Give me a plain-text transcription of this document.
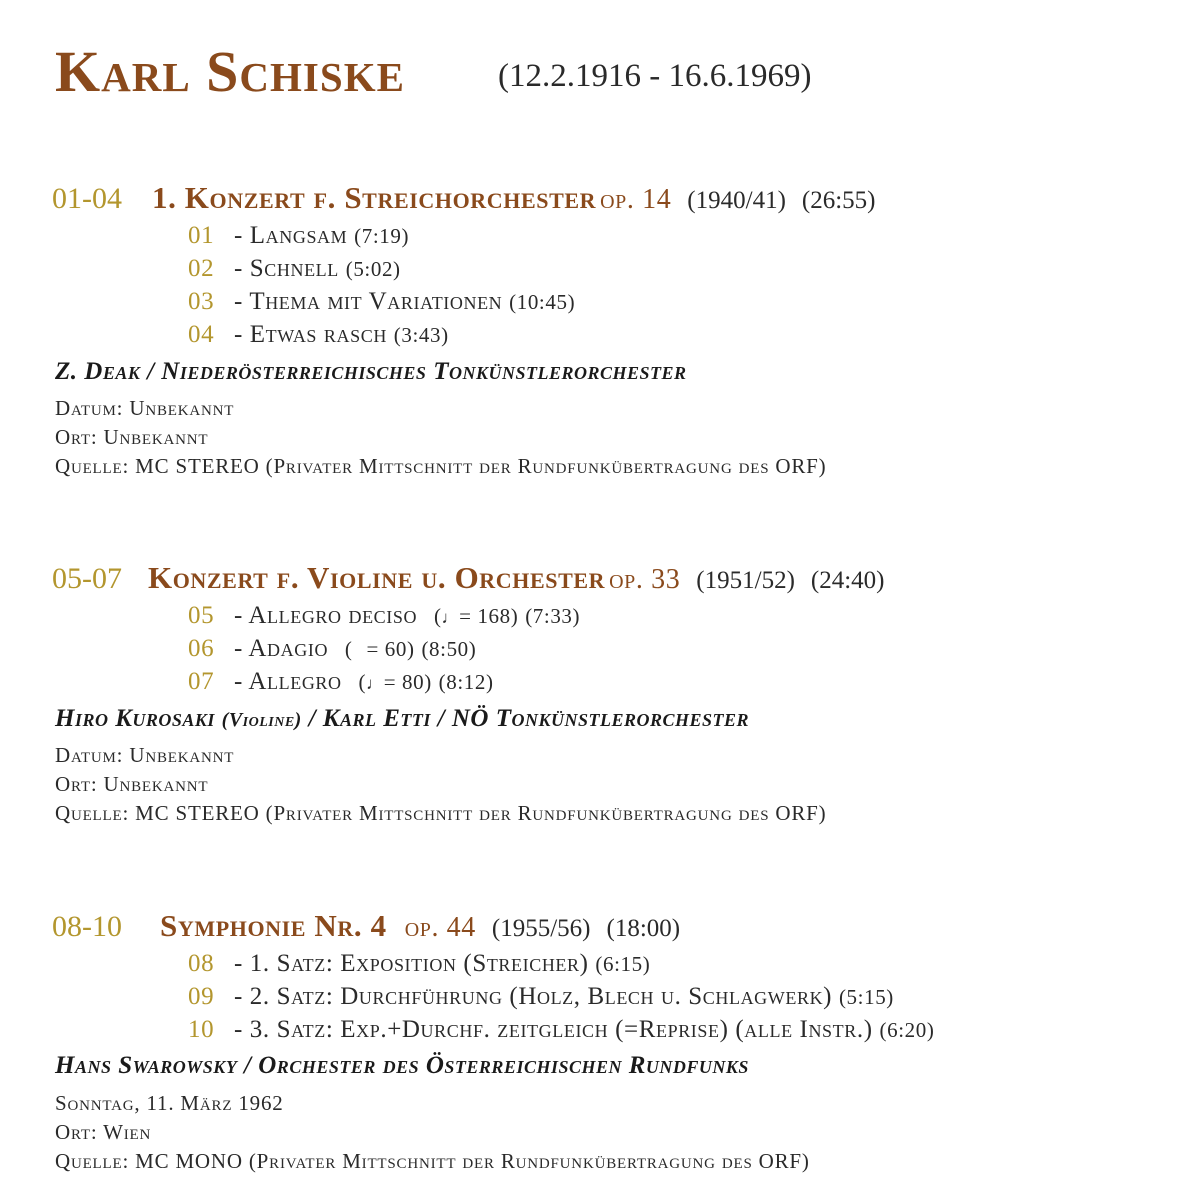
Karl Schiske	(12.2.1916 - 16.6.1969)
01-04 1. Konzert f. Streichorchester op. 14 (1940/41) (26:55)
01 - Langsam (7:19)
02 - Schnell (5:02)
03 - Thema mit Variationen (10:45)
04 - Etwas rasch (3:43)
Z. Deak / Niederösterreichisches Tonkünstlerorchester
Datum: Unbekannt
Ort: Unbekannt
Quelle: MC STEREO (Privater Mittschnitt der Rundfunkübertragung des ORF)
05-07 Konzert f. Violine u. Orchester op. 33 (1951/52) (24:40)
05 - Allegro deciso (♩= 168) (7:33)
06 - Adagio ( = 60) (8:50)
07 - Allegro (♩= 80) (8:12)
Hiro Kurosaki (Violine) / Karl Etti / NÖ Tonkünstlerorchester
Datum: Unbekannt
Ort: Unbekannt
Quelle: MC STEREO (Privater Mittschnitt der Rundfunkübertragung des ORF)
08-10 Symphonie Nr. 4 op. 44 (1955/56) (18:00)
08 - 1. Satz: Exposition (Streicher) (6:15)
09 - 2. Satz: Durchführung (Holz, Blech u. Schlagwerk) (5:15)
10 - 3. Satz: Exp.+Durchf. zeitgleich (=Reprise) (alle Instr.) (6:20)
Hans Swarowsky / Orchester des Österreichischen Rundfunks
Sonntag, 11. März 1962
Ort: Wien
Quelle: MC MONO (Privater Mittschnitt der Rundfunkübertragung des ORF)
